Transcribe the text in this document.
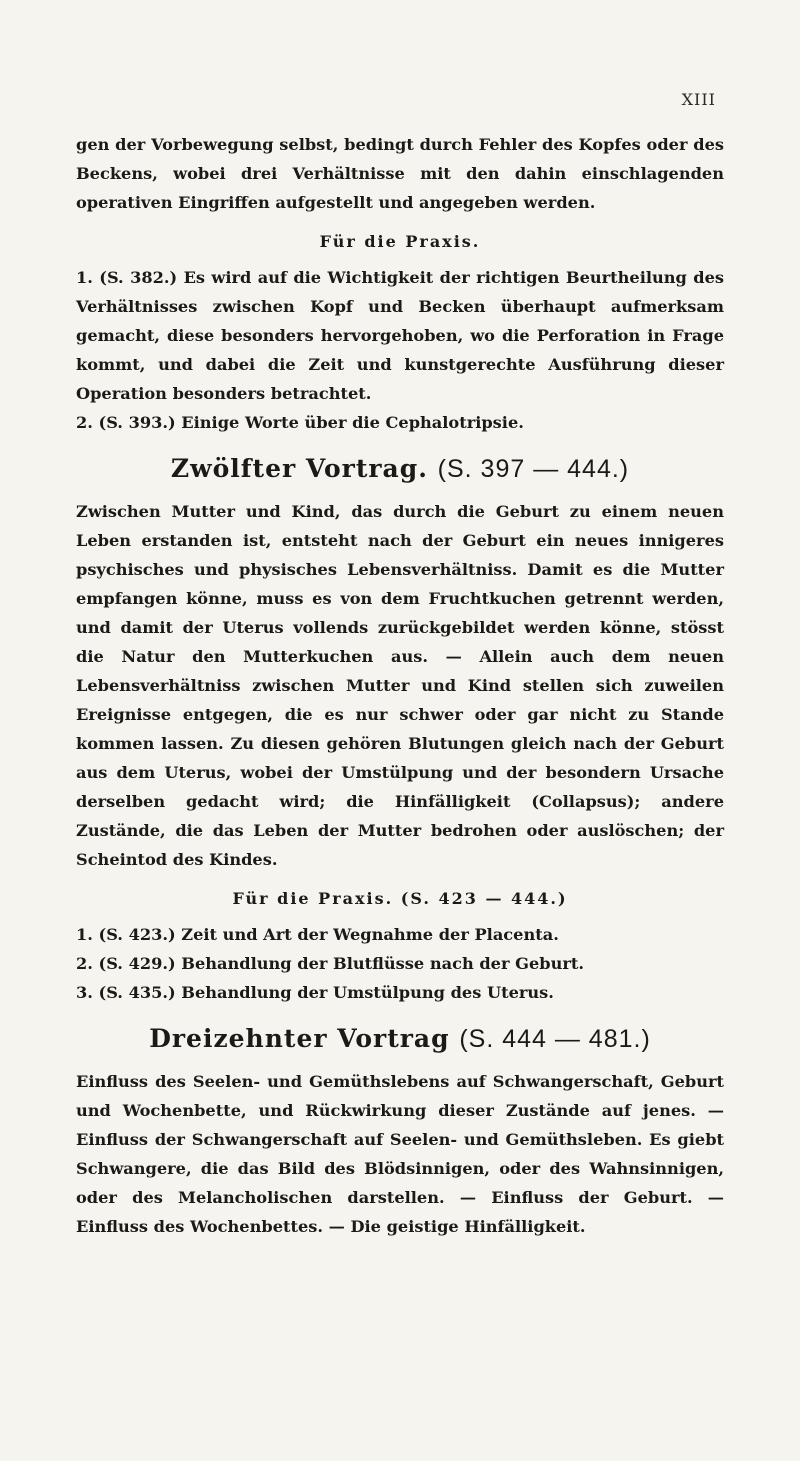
XIII

gen der Vorbewegung selbst, bedingt durch Fehler des Kopfes oder des Beckens, wobei drei Verhältnisse mit den dahin einschlagenden operativen Eingriffen aufgestellt und angegeben werden.

Für die Praxis.

1. (S. 382.) Es wird auf die Wichtigkeit der richtigen Beurtheilung des Verhältnisses zwischen Kopf und Becken überhaupt aufmerksam gemacht, diese besonders hervorgehoben, wo die Perforation in Frage kommt, und dabei die Zeit und kunstgerechte Ausführung dieser Operation besonders betrachtet.

2. (S. 393.) Einige Worte über die Cephalotripsie.

Zwölfter Vortrag. (S. 397 — 444.)

Zwischen Mutter und Kind, das durch die Geburt zu einem neuen Leben erstanden ist, entsteht nach der Geburt ein neues innigeres psychisches und physisches Lebensverhältniss. Damit es die Mutter empfangen könne, muss es von dem Fruchtkuchen getrennt werden, und damit der Uterus vollends zurückgebildet werden könne, stösst die Natur den Mutterkuchen aus. — Allein auch dem neuen Lebensverhältniss zwischen Mutter und Kind stellen sich zuweilen Ereignisse entgegen, die es nur schwer oder gar nicht zu Stande kommen lassen. Zu diesen gehören Blutungen gleich nach der Geburt aus dem Uterus, wobei der Umstülpung und der besondern Ursache derselben gedacht wird; die Hinfälligkeit (Collapsus); andere Zustände, die das Leben der Mutter bedrohen oder auslöschen; der Scheintod des Kindes.

Für die Praxis. (S. 423 — 444.)

1. (S. 423.) Zeit und Art der Wegnahme der Placenta.

2. (S. 429.) Behandlung der Blutflüsse nach der Geburt.

3. (S. 435.) Behandlung der Umstülpung des Uterus.

Dreizehnter Vortrag (S. 444 — 481.)

Einfluss des Seelen- und Gemüthslebens auf Schwangerschaft, Geburt und Wochenbette, und Rückwirkung dieser Zustände auf jenes. — Einfluss der Schwangerschaft auf Seelen- und Gemüthsleben. Es giebt Schwangere, die das Bild des Blödsinnigen, oder des Wahnsinnigen, oder des Melancholischen darstellen. — Einfluss der Geburt. — Einfluss des Wochenbettes. — Die geistige Hinfälligkeit.
